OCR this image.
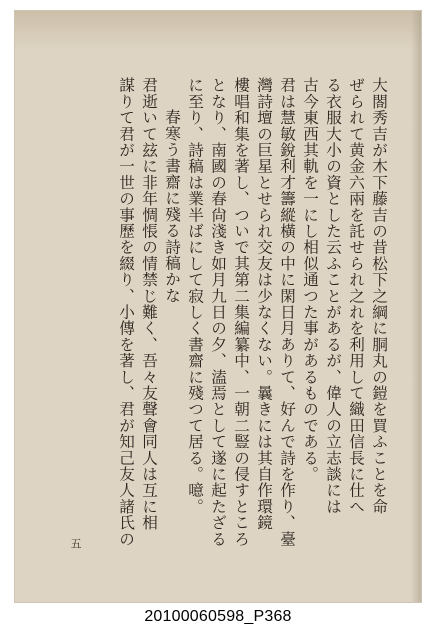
大閤秀吉が木下藤吉の昔松下之綱に胴丸の鎧を買ふことを命
ぜられて黄金六兩を託せられ之れを利用して織田信長に仕へ
る衣服大小の資とした云ふことがあるが、偉人の立志談には
古今東西其軌を一にし相似通つた事があるものである。
君は慧敏銳利才籌縱橫の中に閑日月ありて、好んで詩を作り、臺
灣詩壇の巨星とせられ交友は少なくない。曩きには其自作環鏡
樓唱和集を著し、ついで其第二集編纂中、一朝二豎の侵すところ
となり、南國の春尙淺き如月九日の夕、溘焉として遂に起たざる
に至り、詩稿は業半ばにして寂しく書齋に殘つて居る。噫。
春寒う書齋に殘る詩稿かな
君逝いて玆に非年惆悵の情禁じ難く、吾々友聲會同人は互に相
謀りて君が一世の事歷を綴り、小傳を著し、君が知己友人諸氏の
五
20100060598_P368
